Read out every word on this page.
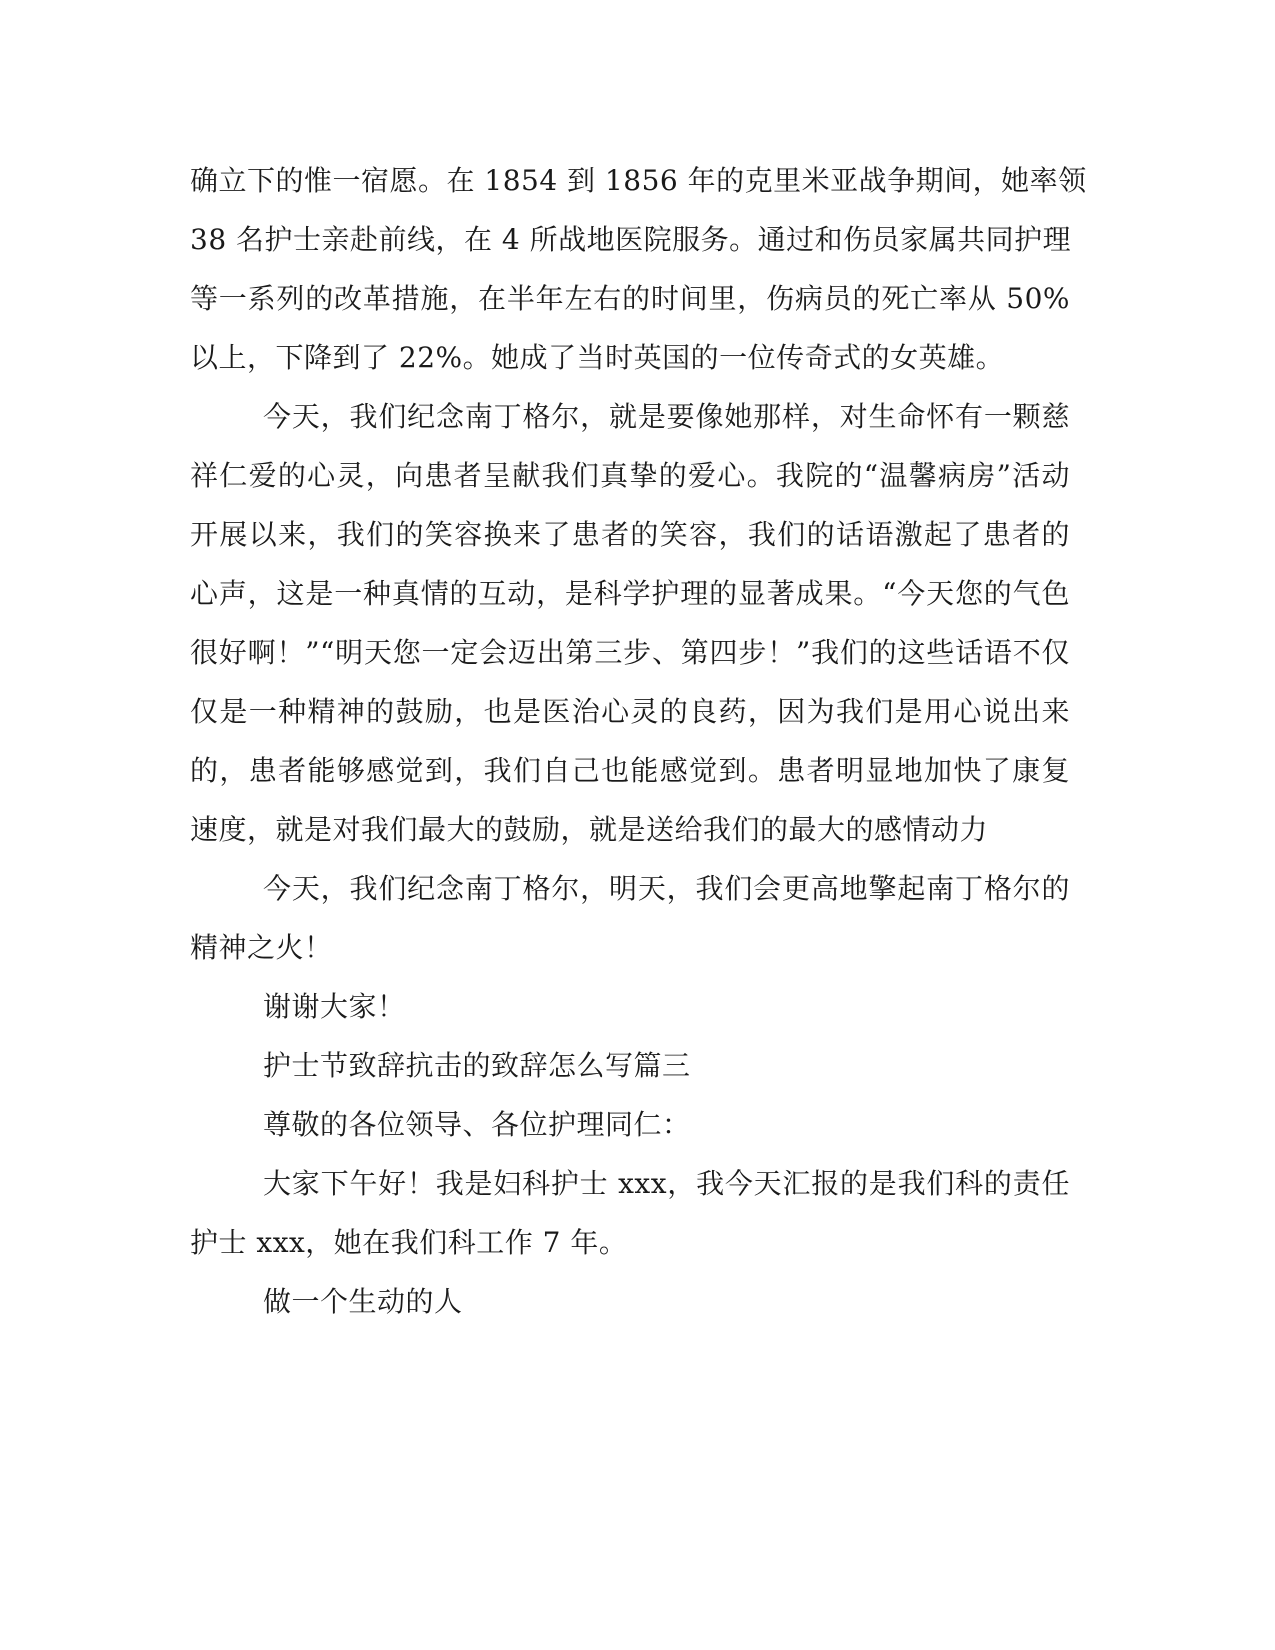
确立下的惟一宿愿。在 1854 到 1856 年的克里米亚战争期间，她率领
38 名护士亲赴前线，在 4 所战地医院服务。通过和伤员家属共同护理
等一系列的改革措施，在半年左右的时间里，伤病员的死亡率从 50%
以上，下降到了 22%。她成了当时英国的一位传奇式的女英雄。
今天，我们纪念南丁格尔，就是要像她那样，对生命怀有一颗慈
祥仁爱的心灵，向患者呈献我们真挚的爱心。我院的“温馨病房”活动
开展以来，我们的笑容换来了患者的笑容，我们的话语激起了患者的
心声，这是一种真情的互动，是科学护理的显著成果。“今天您的气色
很好啊！”“明天您一定会迈出第三步、第四步！”我们的这些话语不仅
仅是一种精神的鼓励，也是医治心灵的良药，因为我们是用心说出来
的，患者能够感觉到，我们自己也能感觉到。患者明显地加快了康复
速度，就是对我们最大的鼓励，就是送给我们的最大的感情动力
今天，我们纪念南丁格尔，明天，我们会更高地擎起南丁格尔的
精神之火！
谢谢大家！
护士节致辞抗击的致辞怎么写篇三
尊敬的各位领导、各位护理同仁：
大家下午好！我是妇科护士 xxx，我今天汇报的是我们科的责任
护士 xxx，她在我们科工作 7 年。
做一个生动的人
